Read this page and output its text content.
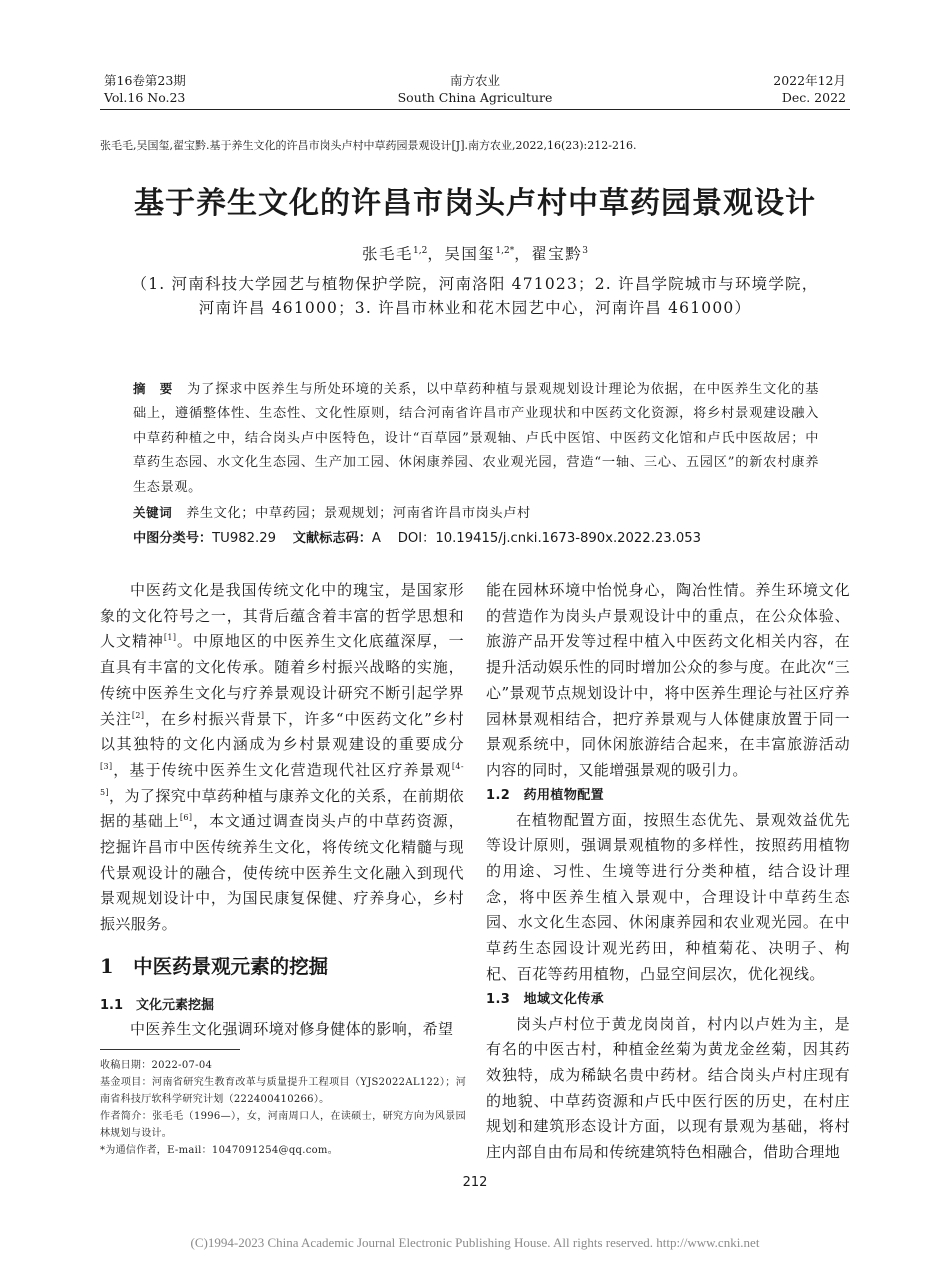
第16卷第23期
Vol.16 No.23
南方农业
South China Agriculture
2022年12月
Dec. 2022
张毛毛,吴国玺,翟宝黔.基于养生文化的许昌市岗头卢村中草药园景观设计[J].南方农业,2022,16(23):212-216.
基于养生文化的许昌市岗头卢村中草药园景观设计
张毛毛$^{1,2}$，吴国玺$^{1,2*}$，翟宝黔$^3$
（1. 河南科技大学园艺与植物保护学院，河南洛阳 471023；2. 许昌学院城市与环境学院，
河南许昌 461000；3. 许昌市林业和花木园艺中心，河南许昌 461000）
摘　要　 为了探求中医养生与所处环境的关系，以中草药种植与景观规划设计理论为依据，在中医养生文化的基础上，遵循整体性、生态性、文化性原则，结合河南省许昌市产业现状和中医药文化资源，将乡村景观建设融入中草药种植之中，结合岗头卢中医特色，设计“百草园”景观轴、卢氏中医馆、中医药文化馆和卢氏中医故居；中草药生态园、水文化生态园、生产加工园、休闲康养园、农业观光园，营造“一轴、三心、五园区”的新农村康养生态景观。
关键词　 养生文化；中草药园；景观规划；河南省许昌市岗头卢村
中图分类号：TU982.29 文献标志码：A DOI：10.19415/j.cnki.1673-890x.2022.23.053

中医药文化是我国传统文化中的瑰宝，是国家形象的文化符号之一，其背后蕴含着丰富的哲学思想和人文精神[1]。中原地区的中医养生文化底蕴深厚，一直具有丰富的文化传承。随着乡村振兴战略的实施，传统中医养生文化与疗养景观设计研究不断引起学界关注[2]，在乡村振兴背景下，许多“中医药文化”乡村以其独特的文化内涵成为乡村景观建设的重要成分[3]，基于传统中医养生文化营造现代社区疗养景观[4-5]，为了探究中草药种植与康养文化的关系，在前期依据的基础上[6]，本文通过调查岗头卢的中草药资源，挖掘许昌市中医传统养生文化，将传统文化精髓与现代景观设计的融合，使传统中医养生文化融入到现代景观规划设计中，为国民康复保健、疗养身心，乡村振兴服务。

1　中医药景观元素的挖掘
1.1　文化元素挖掘

中医养生文化强调环境对修身健体的影响，希望

收稿日期：2022-07-04
基金项目：河南省研究生教育改革与质量提升工程项目（YJS2022AL122）；河南省科技厅软科学研究计划（222400410266）。
作者简介：张毛毛（1996—），女，河南周口人，在读硕士，研究方向为风景园林规划与设计。
*为通信作者，E-mail：1047091254@qq.com。

能在园林环境中怡悦身心，陶冶性情。养生环境文化的营造作为岗头卢景观设计中的重点，在公众体验、旅游产品开发等过程中植入中医药文化相关内容，在提升活动娱乐性的同时增加公众的参与度。在此次“三心”景观节点规划设计中，将中医养生理论与社区疗养园林景观相结合，把疗养景观与人体健康放置于同一景观系统中，同休闲旅游结合起来，在丰富旅游活动内容的同时，又能增强景观的吸引力。

1.2　药用植物配置

在植物配置方面，按照生态优先、景观效益优先等设计原则，强调景观植物的多样性，按照药用植物的用途、习性、生境等进行分类种植，结合设计理念，将中医养生植入景观中，合理设计中草药生态园、水文化生态园、休闲康养园和农业观光园。在中草药生态园设计观光药田，种植菊花、决明子、枸杞、百花等药用植物，凸显空间层次，优化视线。

1.3　地域文化传承

岗头卢村位于黄龙岗岗首，村内以卢姓为主，是有名的中医古村，种植金丝菊为黄龙金丝菊，因其药效独特，成为稀缺名贵中药材。结合岗头卢村庄现有的地貌、中草药资源和卢氏中医行医的历史，在村庄规划和建筑形态设计方面，以现有景观为基础，将村庄内部自由布局和传统建筑特色相融合，借助合理地

212
(C)1994-2023 China Academic Journal Electronic Publishing House. All rights reserved. http://www.cnki.net
